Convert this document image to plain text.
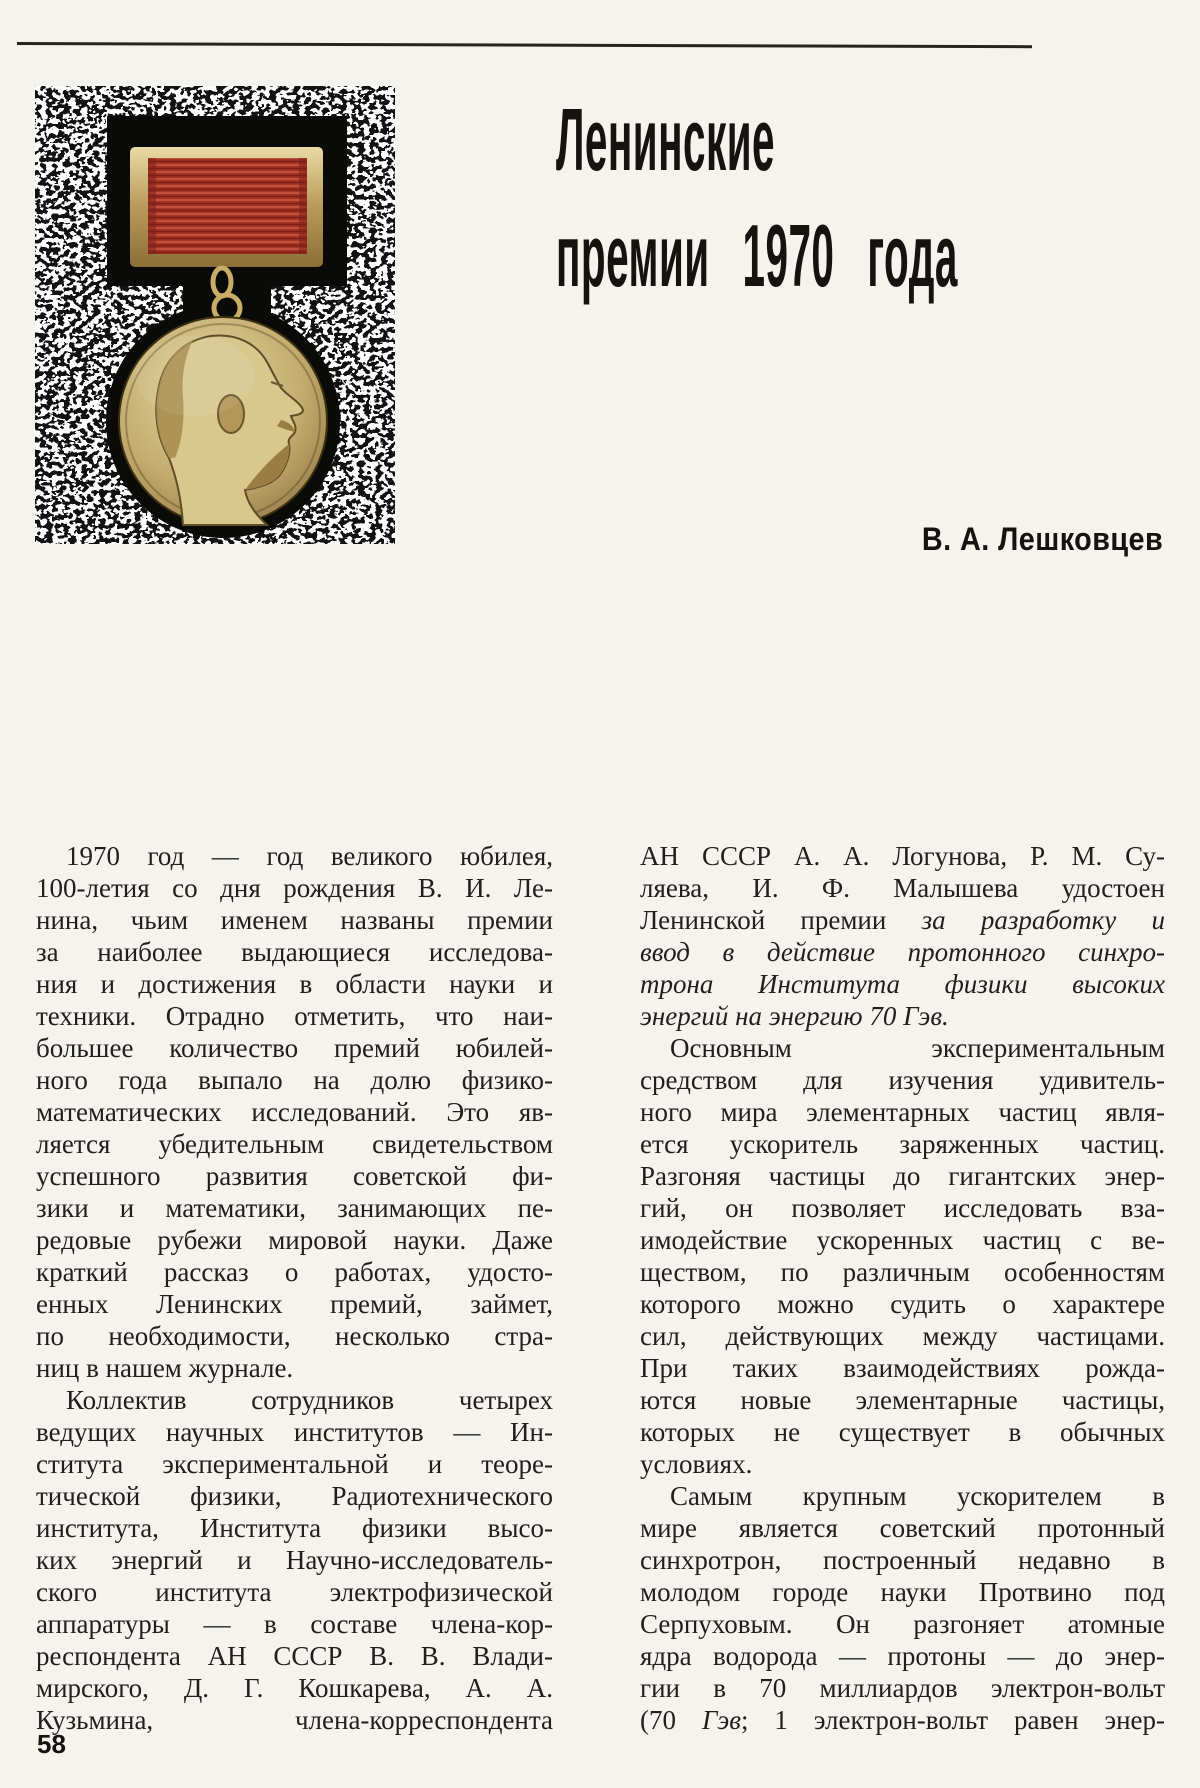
Ленинские
премии 1970 года
В. А. Лешковцев
1970 год — год великого юбилея,
100-летия со дня рождения В. И. Ле-
нина, чьим именем названы премии
за наиболее выдающиеся исследова-
ния и достижения в области науки и
техники. Отрадно отметить, что наи-
большее количество премий юбилей-
ного года выпало на долю физико-
математических исследований. Это яв-
ляется убедительным свидетельством
успешного развития советской фи-
зики и математики, занимающих пе-
редовые рубежи мировой науки. Даже
краткий рассказ о работах, удосто-
енных Ленинских премий, займет,
по необходимости, несколько стра-
ниц в нашем журнале.
Коллектив сотрудников четырех
ведущих научных институтов — Ин-
ститута экспериментальной и теоре-
тической физики, Радиотехнического
института, Института физики высо-
ких энергий и Научно-исследователь-
ского института электрофизической
аппаратуры — в составе члена-кор-
респондента АН СССР В. В. Влади-
мирского, Д. Г. Кошкарева, А. А.
Кузьмина, члена-корреспондента
АН СССР А. А. Логунова, Р. М. Су-
ляева, И. Ф. Малышева удостоен
Ленинской премии за разработку и
ввод в действие протонного синхро-
трона Института физики высоких
энергий на энергию 70 Гэв.
Основным экспериментальным
средством для изучения удивитель-
ного мира элементарных частиц явля-
ется ускоритель заряженных частиц.
Разгоняя частицы до гигантских энер-
гий, он позволяет исследовать вза-
имодействие ускоренных частиц с ве-
ществом, по различным особенностям
которого можно судить о характере
сил, действующих между частицами.
При таких взаимодействиях рожда-
ются новые элементарные частицы,
которых не существует в обычных
условиях.
Самым крупным ускорителем в
мире является советский протонный
синхротрон, построенный недавно в
молодом городе науки Протвино под
Серпуховым. Он разгоняет атомные
ядра водорода — протоны — до энер-
гии в 70 миллиардов электрон-вольт
(70 Гэв; 1 электрон-вольт равен энер-
58
